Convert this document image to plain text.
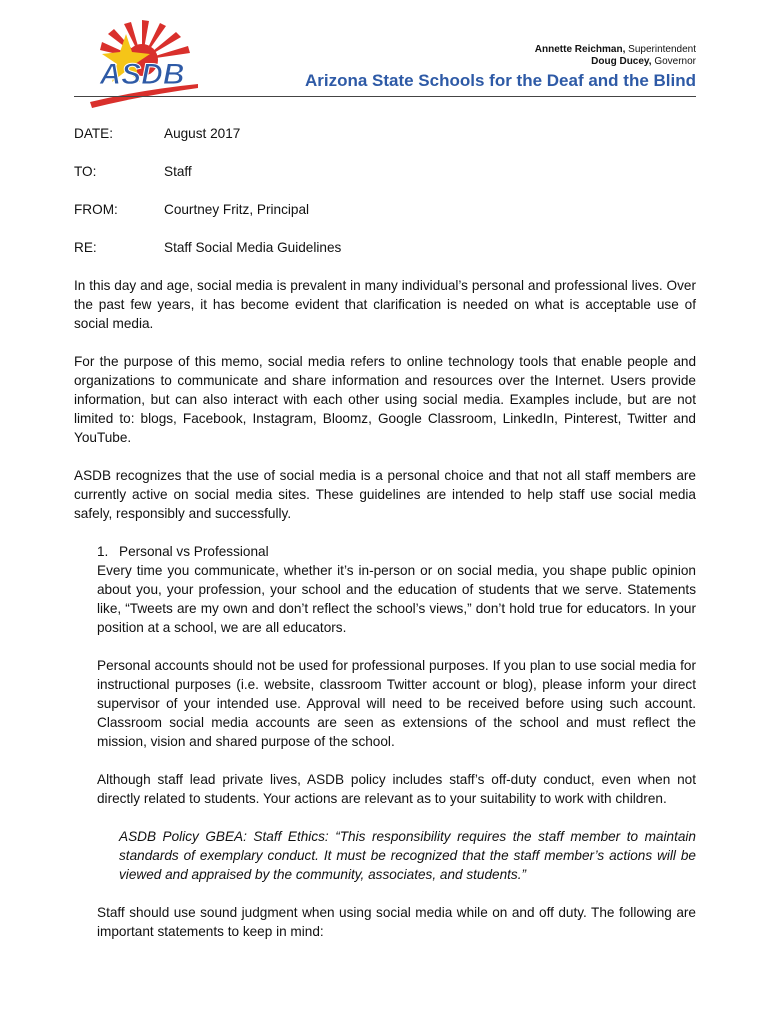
ASDB
Annette Reichman, Superintendent
Doug Ducey, Governor
Arizona State Schools for the Deaf and the Blind
DATE:	August 2017
TO:	Staff
FROM:	Courtney Fritz, Principal
RE:	Staff Social Media Guidelines

In this day and age, social media is prevalent in many individual’s personal and professional lives. Over the past few years, it has become evident that clarification is needed on what is acceptable use of social media.

For the purpose of this memo, social media refers to online technology tools that enable people and organizations to communicate and share information and resources over the Internet. Users provide information, but can also interact with each other using social media. Examples include, but are not limited to: blogs, Facebook, Instagram, Bloomz, Google Classroom, LinkedIn, Pinterest, Twitter and YouTube.

ASDB recognizes that the use of social media is a personal choice and that not all staff members are currently active on social media sites. These guidelines are intended to help staff use social media safely, responsibly and successfully.

1. Personal vs Professional

Every time you communicate, whether it’s in-person or on social media, you shape public opinion about you, your profession, your school and the education of students that we serve. Statements like, “Tweets are my own and don’t reflect the school’s views,” don’t hold true for educators. In your position at a school, we are all educators.

Personal accounts should not be used for professional purposes. If you plan to use social media for instructional purposes (i.e. website, classroom Twitter account or blog), please inform your direct supervisor of your intended use. Approval will need to be received before using such account. Classroom social media accounts are seen as extensions of the school and must reflect the mission, vision and shared purpose of the school.

Although staff lead private lives, ASDB policy includes staff’s off-duty conduct, even when not directly related to students. Your actions are relevant as to your suitability to work with children.

ASDB Policy GBEA: Staff Ethics: “This responsibility requires the staff member to maintain standards of exemplary conduct. It must be recognized that the staff member’s actions will be viewed and appraised by the community, associates, and students.”

Staff should use sound judgment when using social media while on and off duty. The following are important statements to keep in mind:
